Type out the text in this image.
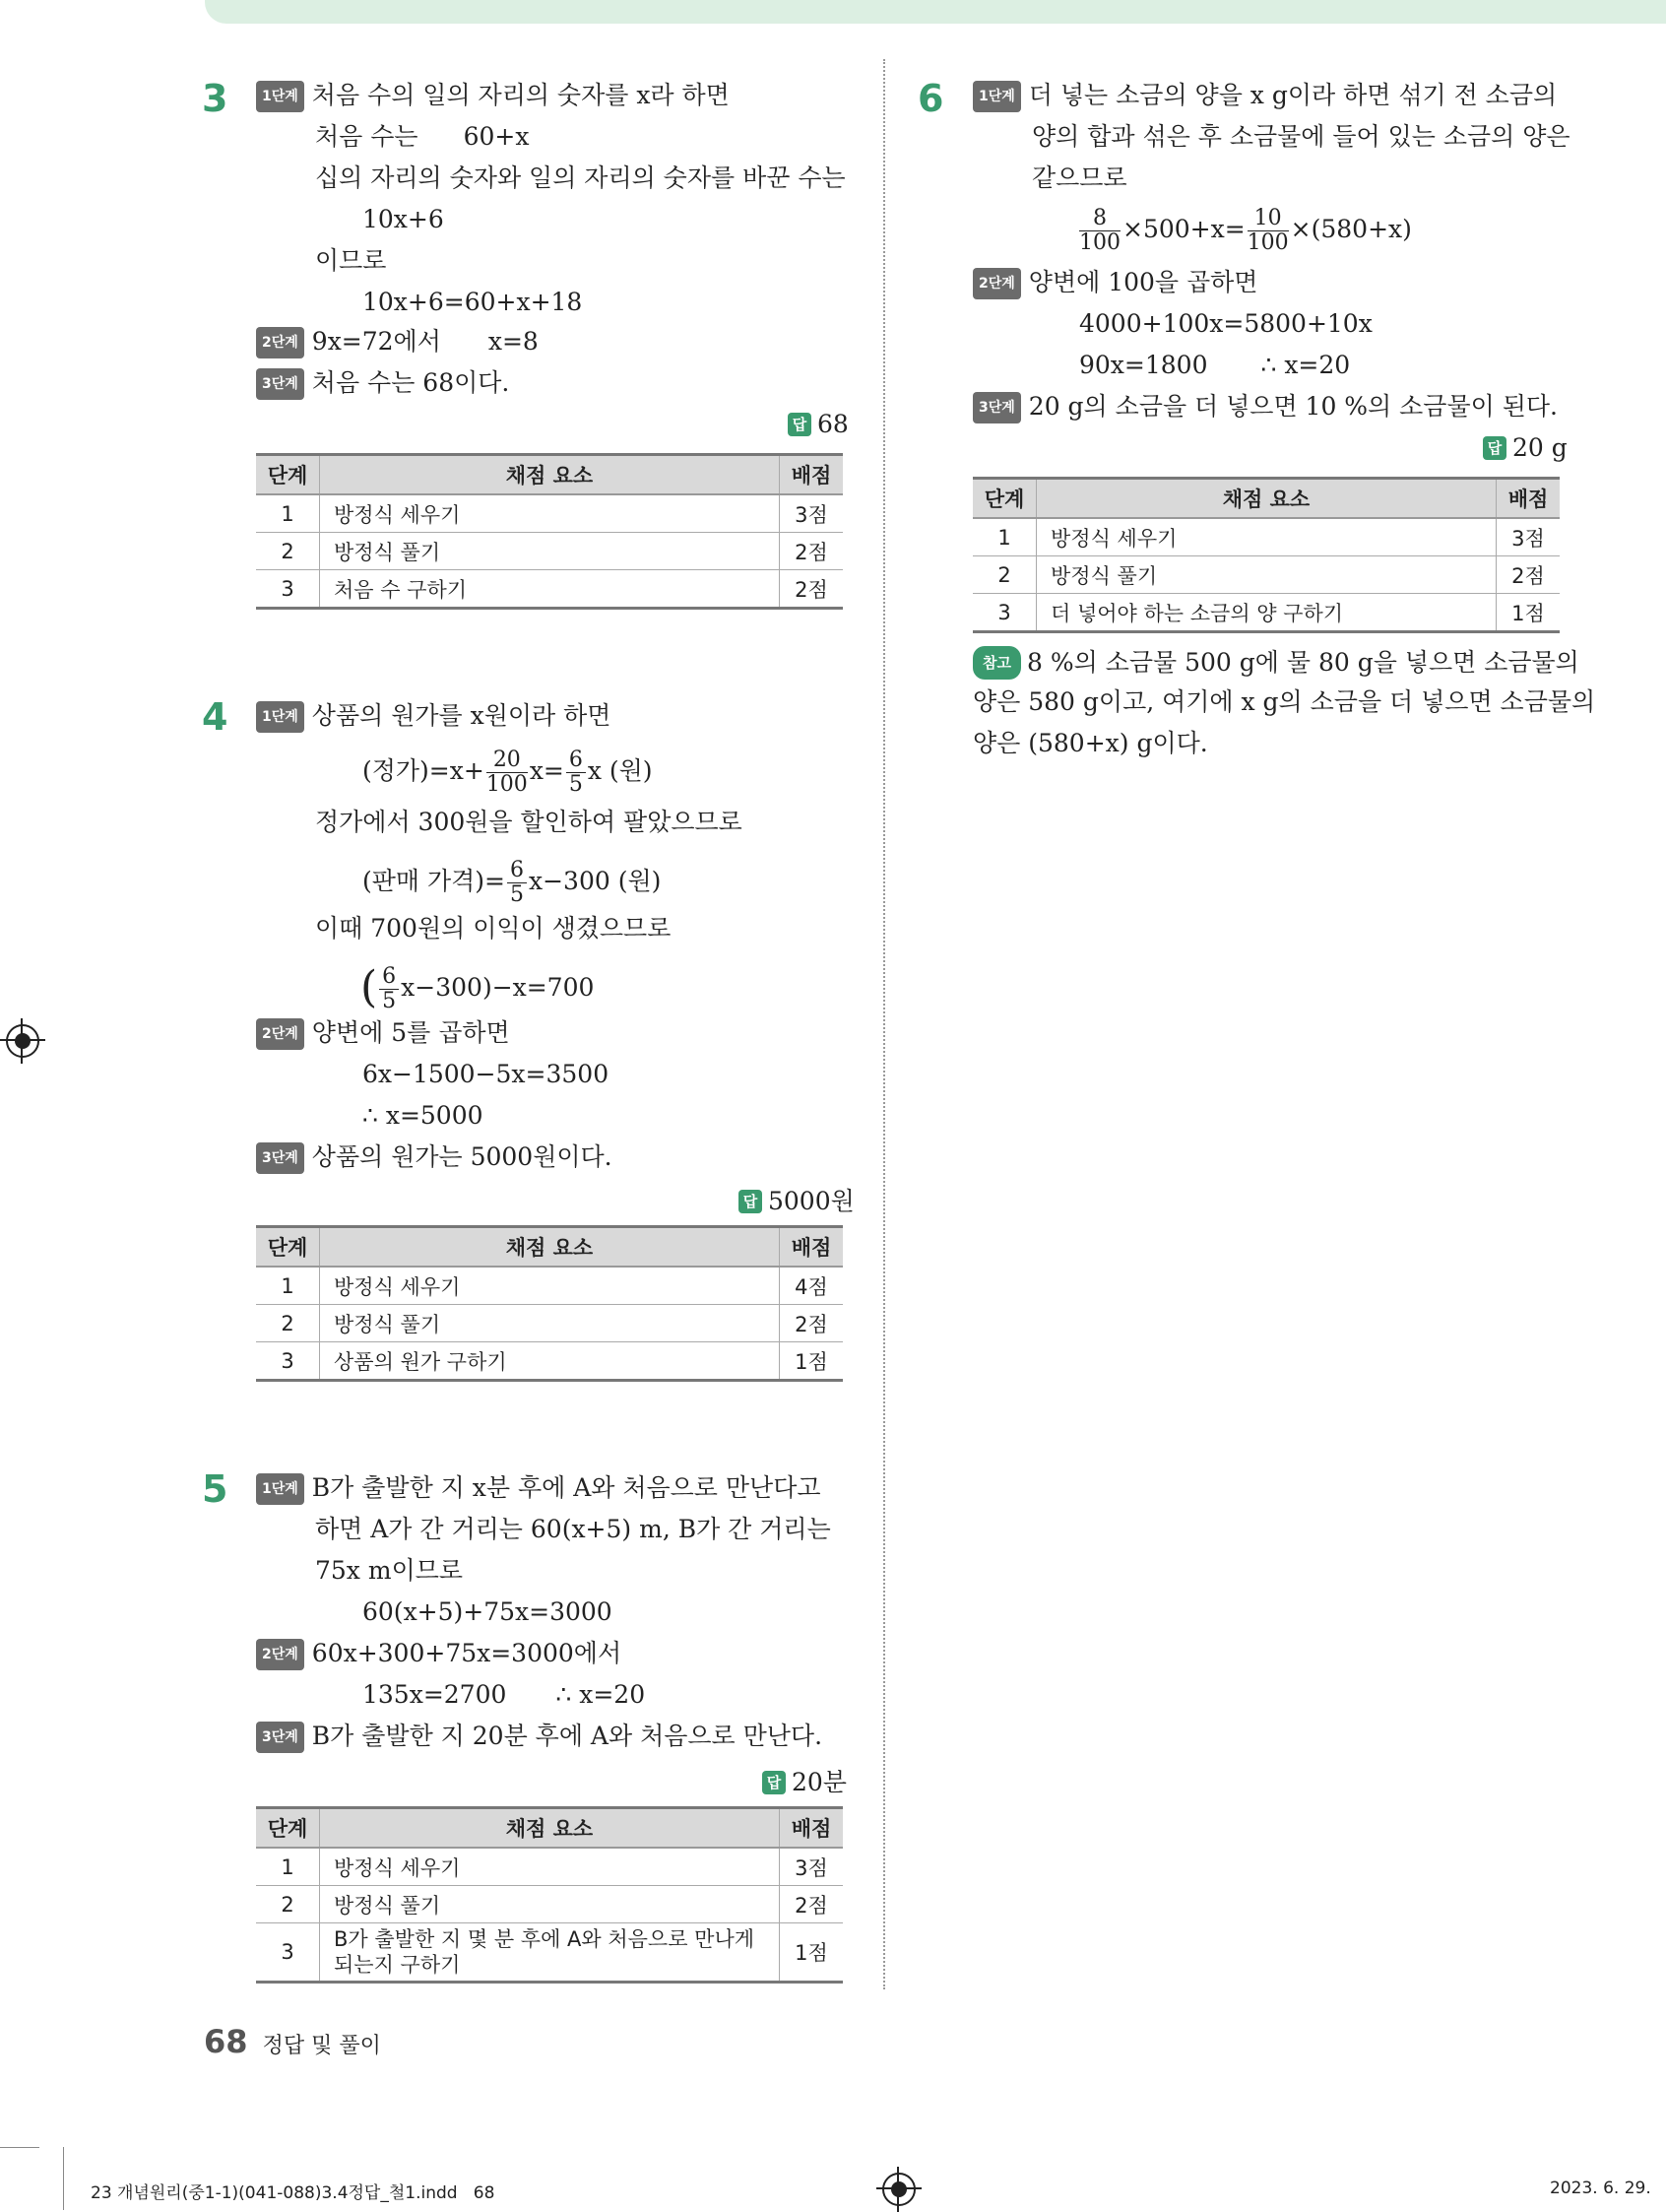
3	1단계 처음 수의 일의 자리의 숫자를 x라 하면
처음 수는 60+x
십의 자리의 숫자와 일의 자리의 숫자를 바꾼 수는
10x+6
이므로
10x+6=60+x+18
2단계 9x=72에서 x=8
3단계 처음 수는 68이다.
답 68
단계	채점 요소	배점
1	방정식 세우기	3점
2	방정식 풀기	2점
3	처음 수 구하기	2점
4	1단계 상품의 원가를 x원이라 하면
(정가)$=x+ \frac{20}{100} x= \frac{6}{5}$ x (원)
정가에서 300원을 할인하여 팔았으므로
(판매 가격)= $\frac{6}{5} x-300$ (원)
이때 700원의 이익이 생겼으므로
( $\frac{6}{5} x-300)-x=700$
2단계 양변에 5를 곱하면
6x−1500−5x=3500
∴ x=5000
3단계 상품의 원가는 5000원이다.
답 5000원
단계	채점 요소	배점
1	방정식 세우기	4점
2	방정식 풀기	2점
3	상품의 원가 구하기	1점
5	1단계 B가 출발한 지 x분 후에 A와 처음으로 만난다고
하면 A가 간 거리는 60(x+5) m, B가 간 거리는
75x m이므로
60(x+5)+75x=3000
2단계 60x+300+75x=3000에서
135x=2700 ∴ x=20
3단계 B가 출발한 지 20분 후에 A와 처음으로 만난다.
답 20분
단계	채점 요소	배점
1	방정식 세우기	3점
2	방정식 풀기	2점
3	B가 출발한 지 몇 분 후에 A와 처음으로 만나게 되는지 구하기	1점
6	1단계 더 넣는 소금의 양을 x g이라 하면 섞기 전 소금의
양의 합과 섞은 후 소금물에 들어 있는 소금의 양은
같으므로
$\frac{8}{100} \times 500+x= \frac{10}{100} \times(580+x)$
2단계 양변에 100을 곱하면
4000+100x=5800+10x
90x=1800 ∴ x=20
3단계 20 g의 소금을 더 넣으면 10 %의 소금물이 된다.
답 20 g
단계	채점 요소	배점
1	방정식 세우기	3점
2	방정식 풀기	2점
3	더 넣어야 하는 소금의 양 구하기	1점
참고 8 %의 소금물 500 g에 물 80 g을 넣으면 소금물의
양은 580 g이고, 여기에 x g의 소금을 더 넣으면 소금물의
양은 (580+x) g이다.
68 정답 및 풀이
23 개념원리(중1-1)(041-088)3.4정답_철1.indd   68	2023. 6. 29.
